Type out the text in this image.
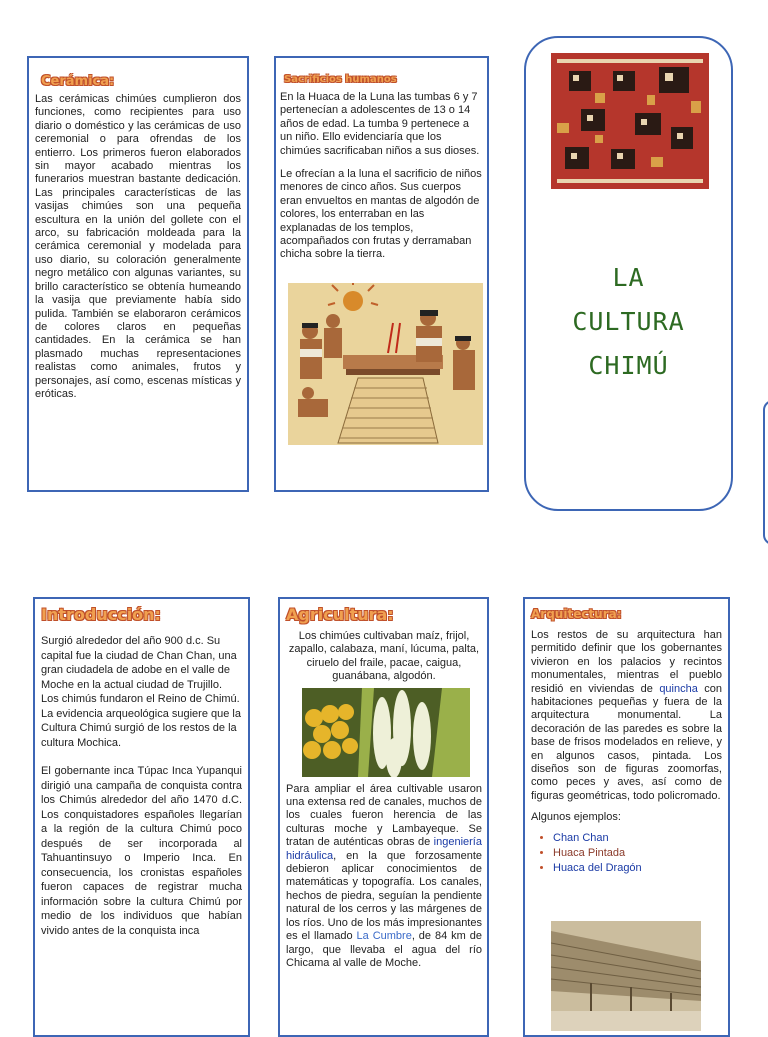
Cerámica:

Las cerámicas chimúes cumplieron dos funciones, como recipientes para uso diario o doméstico y las cerámicas de uso ceremonial o para ofrendas de los entierro. Los primeros fueron elaborados sin mayor acabado mientras los funerarios muestran bastante dedicación. Las principales características de las vasijas chimúes son una pequeña escultura en la unión del gollete con el arco, su fabricación moldeada para la cerámica ceremonial y modelada para uso diario, su coloración generalmente negro metálico con algunas variantes, su brillo característico se obtenía humeando la vasija que previamente había sido pulida. También se elaboraron cerámicos de colores claros en pequeñas cantidades. En la cerámica se han plasmado muchas representaciones realistas como animales, frutos y personajes, así como, escenas místicas y eróticas.

Sacrificios humanos

En la Huaca de la Luna las tumbas 6 y 7 pertenecían a adolescentes de 13 o 14 años de edad. La tumba 9 pertenece a un niño. Ello evidenciaría que los chimúes sacrificaban niños a sus dioses.

Le ofrecían a la luna el sacrificio de niños menores de cinco años. Sus cuerpos eran envueltos en mantas de algodón de colores, los enterraban en las explanadas de los templos, acompañados con frutas y derramaban chicha sobre la tierra.

LA
CULTURA
CHIMÚ
Introducción:

Surgió alrededor del año 900 d.c. Su capital fue la ciudad de Chan Chan, una gran ciudadela de adobe en el valle de Moche en la actual ciudad de Trujillo. Los chimús fundaron el Reino de Chimú. La evidencia arqueológica sugiere que la Cultura Chimú surgió de los restos de la cultura Mochica.

El gobernante inca Túpac Inca Yupanqui dirigió una campaña de conquista contra los Chimús alrededor del año 1470 d.C. Los conquistadores españoles llegarían a la región de la cultura Chimú poco después de ser incorporada al Tahuantinsuyo o Imperio Inca. En consecuencia, los cronistas españoles fueron capaces de registrar mucha información sobre la cultura Chimú por medio de los individuos que habían vivido antes de la conquista inca

Agricultura:

Los chimúes cultivaban maíz, frijol, zapallo, calabaza, maní, lúcuma, palta, ciruelo del fraile, pacae, caigua, guanábana, algodón.

Para ampliar el área cultivable usaron una extensa red de canales, muchos de los cuales fueron herencia de las culturas moche y Lambayeque. Se tratan de auténticas obras de ingeniería hidráulica, en la que forzosamente debieron aplicar conocimientos de matemáticas y topografía. Los canales, hechos de piedra, seguían la pendiente natural de los cerros y las márgenes de los ríos. Uno de los más impresionantes es el llamado La Cumbre, de 84 km de largo, que llevaba el agua del río Chicama al valle de Moche.

Arquitectura:

Los restos de su arquitectura han permitido definir que los gobernantes vivieron en los palacios y recintos monumentales, mientras el pueblo residió en viviendas de quincha con habitaciones pequeñas y fuera de la arquitectura monumental. La decoración de las paredes es sobre la base de frisos modelados en relieve, y en algunos casos, pintada. Los diseños son de figuras zoomorfas, como peces y aves, así como de figuras geométricas, todo policromado.

Algunos ejemplos:

• Chan Chan
• Huaca Pintada
• Huaca del Dragón
